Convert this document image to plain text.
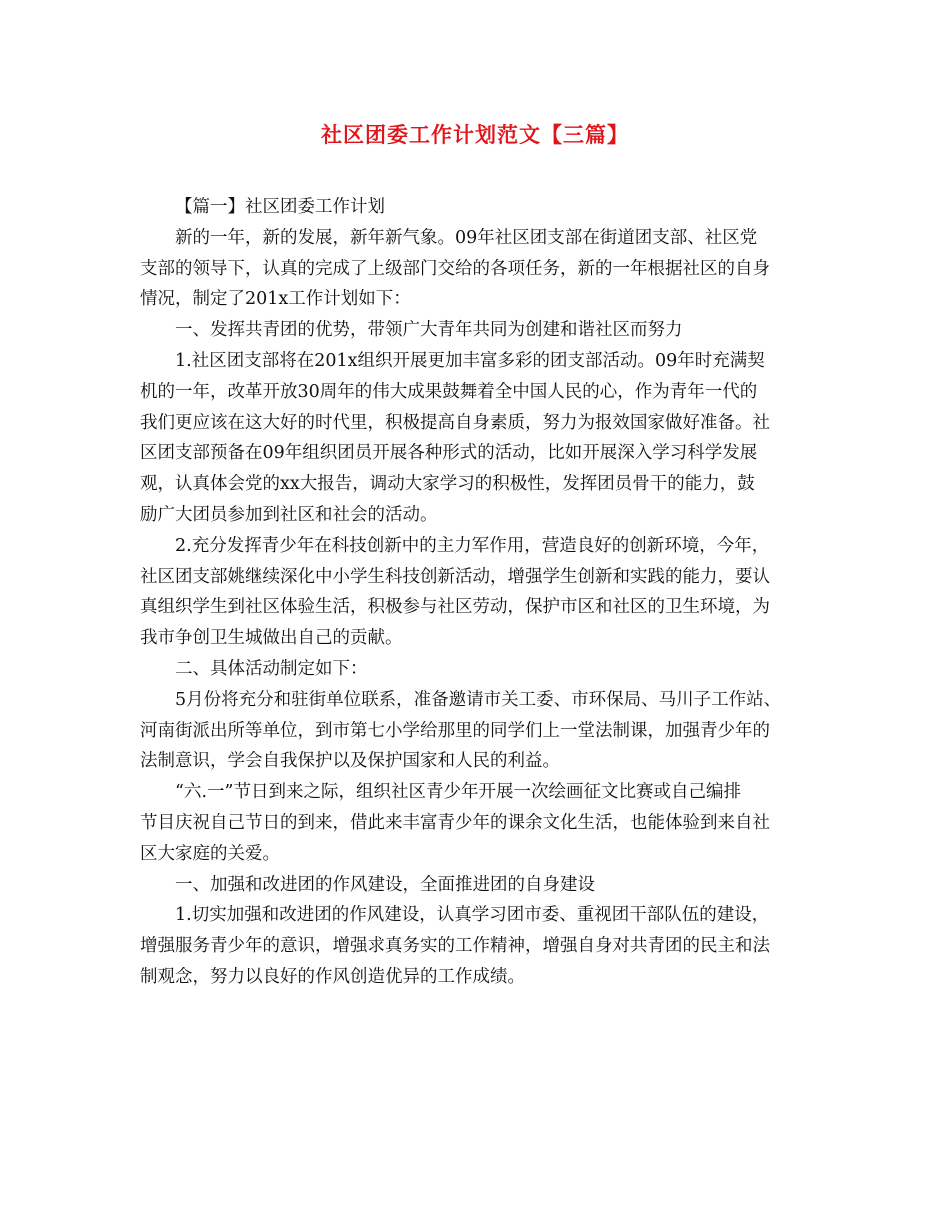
社区团委工作计划范文【三篇】
【篇一】社区团委工作计划
新的一年，新的发展，新年新气象。09年社区团支部在街道团支部、社区党
支部的领导下，认真的完成了上级部门交给的各项任务，新的一年根据社区的自身
情况，制定了201x工作计划如下：
一、发挥共青团的优势，带领广大青年共同为创建和谐社区而努力
1.社区团支部将在201x组织开展更加丰富多彩的团支部活动。09年时充满契
机的一年，改革开放30周年的伟大成果鼓舞着全中国人民的心，作为青年一代的
我们更应该在这大好的时代里，积极提高自身素质，努力为报效国家做好准备。社
区团支部预备在09年组织团员开展各种形式的活动，比如开展深入学习科学发展
观，认真体会党的xx大报告，调动大家学习的积极性，发挥团员骨干的能力，鼓
励广大团员参加到社区和社会的活动。
2.充分发挥青少年在科技创新中的主力军作用，营造良好的创新环境，今年，
社区团支部姚继续深化中小学生科技创新活动，增强学生创新和实践的能力，要认
真组织学生到社区体验生活，积极参与社区劳动，保护市区和社区的卫生环境，为
我市争创卫生城做出自己的贡献。
二、具体活动制定如下：
5月份将充分和驻街单位联系，准备邀请市关工委、市环保局、马川子工作站、
河南街派出所等单位，到市第七小学给那里的同学们上一堂法制课，加强青少年的
法制意识，学会自我保护以及保护国家和人民的利益。
“六.一”节日到来之际，组织社区青少年开展一次绘画征文比赛或自己编排
节目庆祝自己节日的到来，借此来丰富青少年的课余文化生活，也能体验到来自社
区大家庭的关爱。
一、加强和改进团的作风建设，全面推进团的自身建设
1.切实加强和改进团的作风建设，认真学习团市委、重视团干部队伍的建设，
增强服务青少年的意识，增强求真务实的工作精神，增强自身对共青团的民主和法
制观念，努力以良好的作风创造优异的工作成绩。
